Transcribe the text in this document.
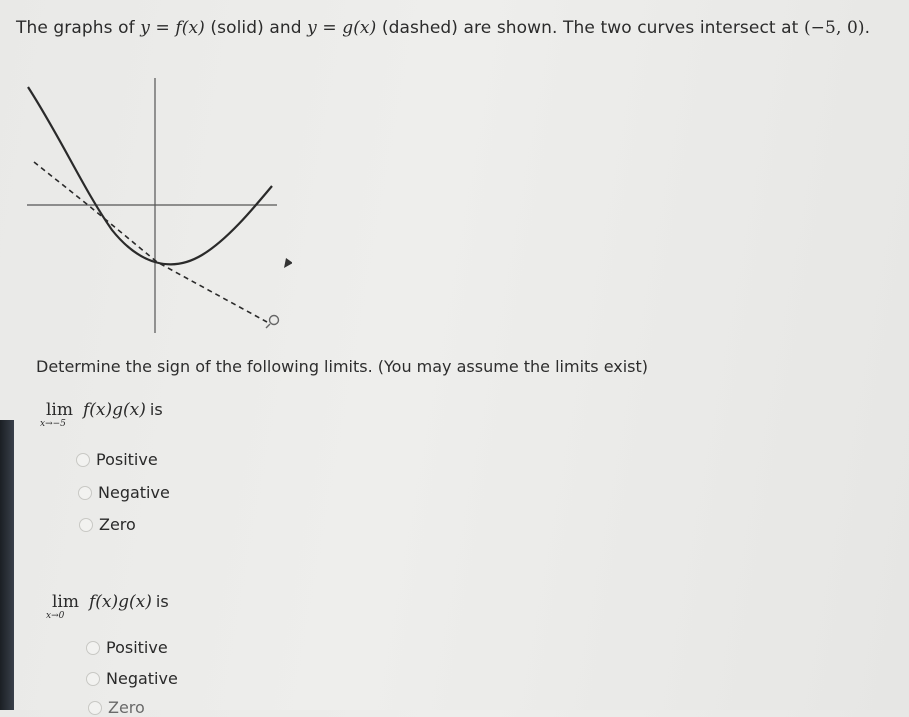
The graphs of y = f(x) (solid) and y = g(x) (dashed) are shown. The two curves intersect at (−5, 0).
Determine the sign of the following limits. (You may assume the limits exist)
lim
x→−5
f(x)g(x) is
Positive
Negative
Zero
lim
x→0
f(x)g(x) is
Positive
Negative
Zero
